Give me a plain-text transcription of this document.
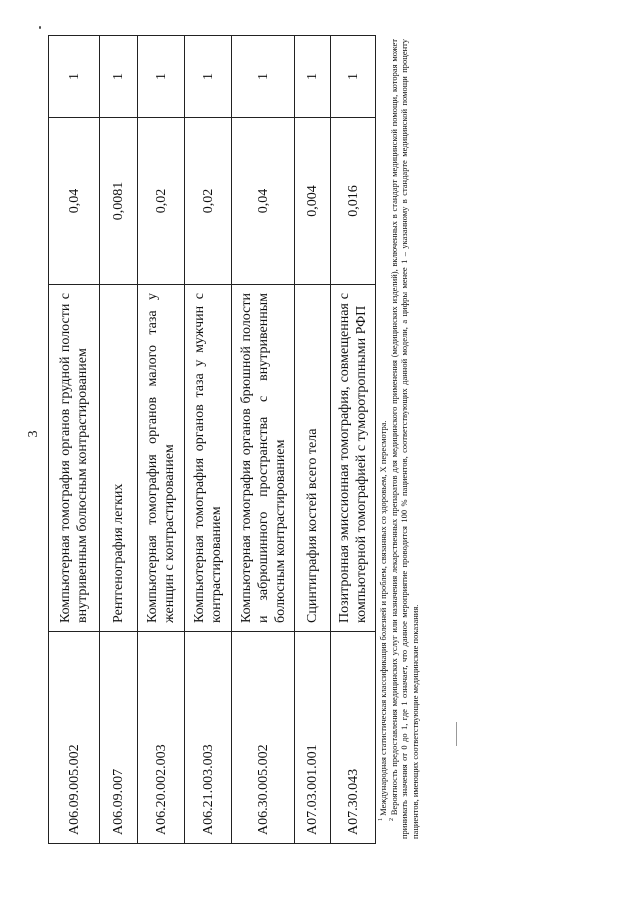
3
A06.09.005.002	Компьютерная томография органов грудной полости с внутривенным болюсным контрастированием	0,04	1
A06.09.007	Рентгенография легких	0,0081	1
A06.20.002.003	Компьютерная томография органов малого таза у женщин с контрастированием	0,02	1
A06.21.003.003	Компьютерная томография органов таза у мужчин с контрастированием	0,02	1
A06.30.005.002	Компьютерная томография органов брюшной полости и забрюшинного пространства с внутривенным болюсным контрастированием	0,04	1
A07.03.001.001	Сцинтиграфия костей всего тела	0,004	1
A07.30.043	Позитронная эмиссионная томография, совмещенная с компьютерной томографией с туморотропными РФП	0,016	1

$^1$ Международная статистическая классификация болезней и проблем, связанных со здоровьем, X пересмотра.

$^2$ Вероятность предоставления медицинских услуг или назначения лекарственных препаратов для медицинского применения (медицинских изделий), включенных в стандарт медицинской помощи, которая может принимать значения от 0 до 1, где 1 означает, что данное мероприятие проводится 100 % пациентов, соответствующих данной модели, а цифры менее 1 – указанному в стандарте медицинской помощи проценту пациентов, имеющих соответствующие медицинские показания.
